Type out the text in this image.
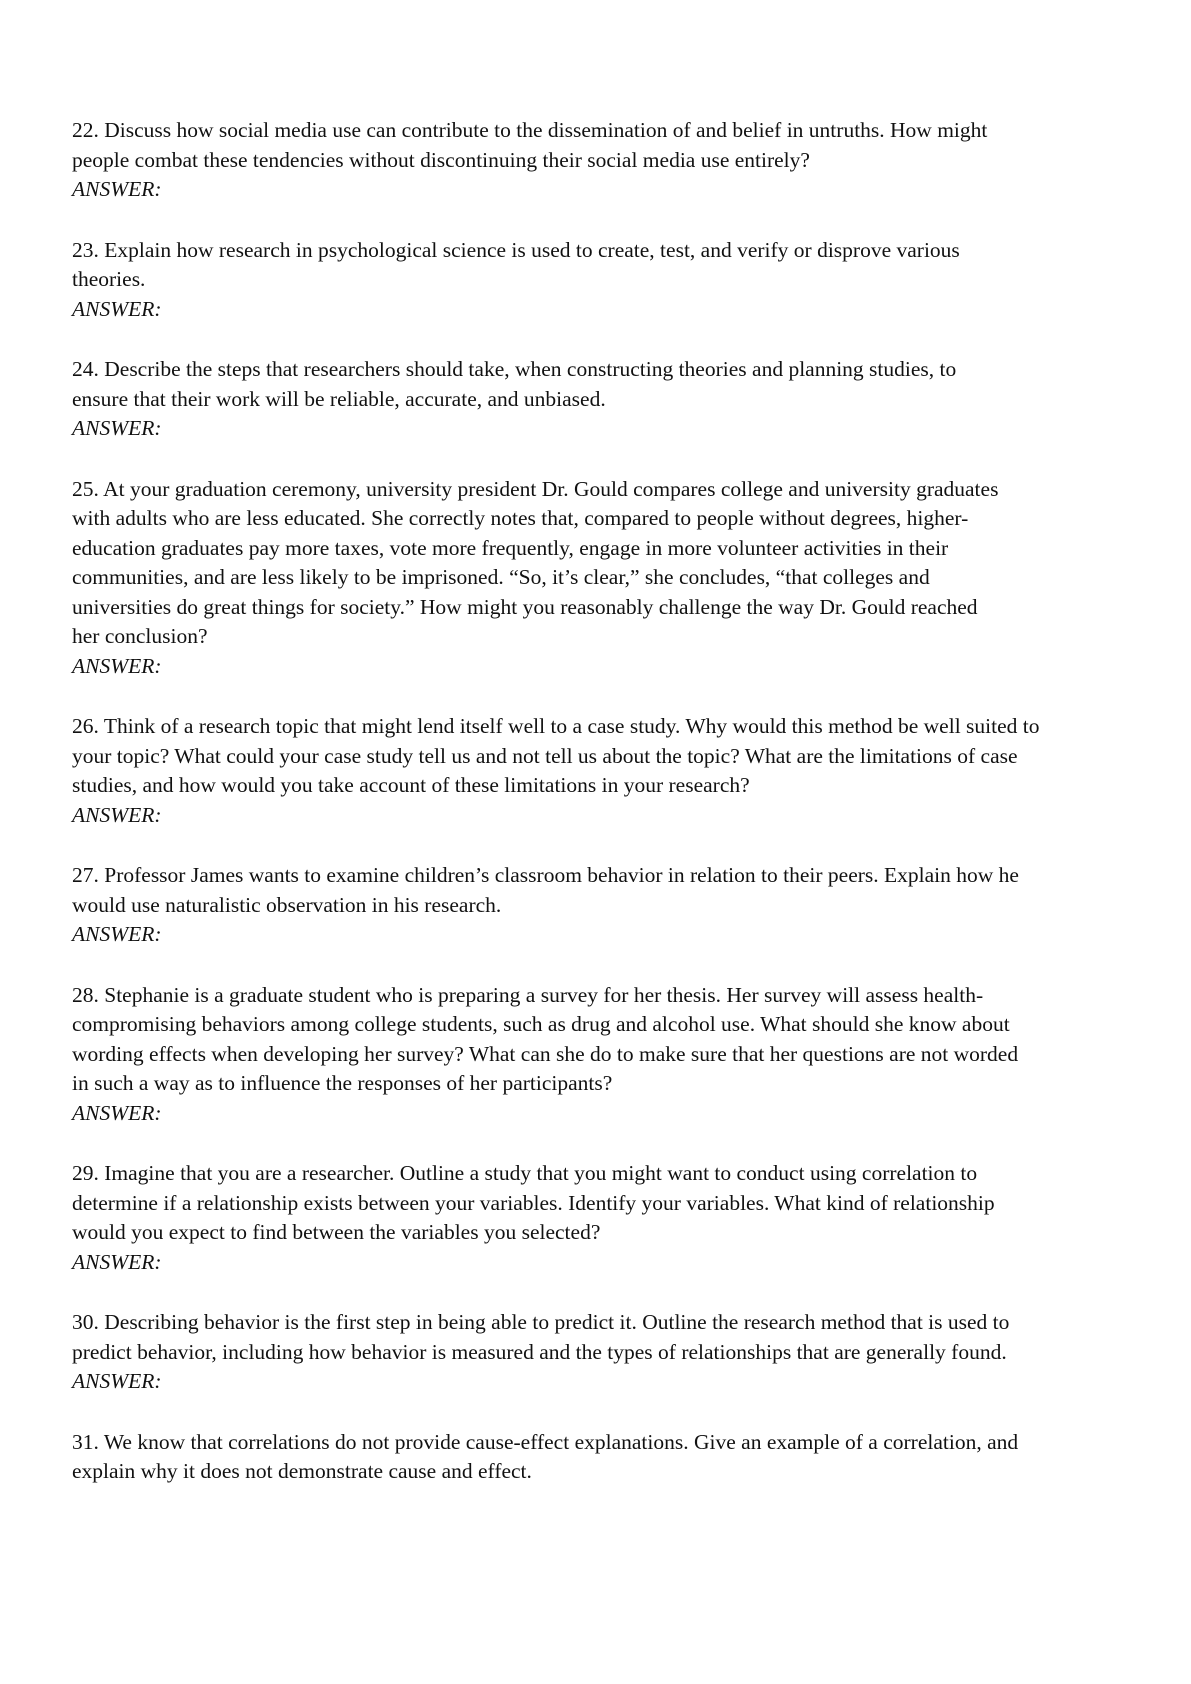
22. Discuss how social media use can contribute to the dissemination of and belief in untruths. How might
people combat these tendencies without discontinuing their social media use entirely?

ANSWER:

23. Explain how research in psychological science is used to create, test, and verify or disprove various
theories.

ANSWER:

24. Describe the steps that researchers should take, when constructing theories and planning studies, to
ensure that their work will be reliable, accurate, and unbiased.

ANSWER:

25. At your graduation ceremony, university president Dr. Gould compares college and university graduates
with adults who are less educated. She correctly notes that, compared to people without degrees, higher-
education graduates pay more taxes, vote more frequently, engage in more volunteer activities in their
communities, and are less likely to be imprisoned. “So, it’s clear,” she concludes, “that colleges and
universities do great things for society.” How might you reasonably challenge the way Dr. Gould reached
her conclusion?

ANSWER:

26. Think of a research topic that might lend itself well to a case study. Why would this method be well suited to
your topic? What could your case study tell us and not tell us about the topic? What are the limitations of case
studies, and how would you take account of these limitations in your research?

ANSWER:

27. Professor James wants to examine children’s classroom behavior in relation to their peers. Explain how he
would use naturalistic observation in his research.

ANSWER:

28. Stephanie is a graduate student who is preparing a survey for her thesis. Her survey will assess health-
compromising behaviors among college students, such as drug and alcohol use. What should she know about
wording effects when developing her survey? What can she do to make sure that her questions are not worded
in such a way as to influence the responses of her participants?

ANSWER:

29. Imagine that you are a researcher. Outline a study that you might want to conduct using correlation to
determine if a relationship exists between your variables. Identify your variables. What kind of relationship
would you expect to find between the variables you selected?

ANSWER:

30. Describing behavior is the first step in being able to predict it. Outline the research method that is used to
predict behavior, including how behavior is measured and the types of relationships that are generally found.

ANSWER:

31. We know that correlations do not provide cause-effect explanations. Give an example of a correlation, and
explain why it does not demonstrate cause and effect.
